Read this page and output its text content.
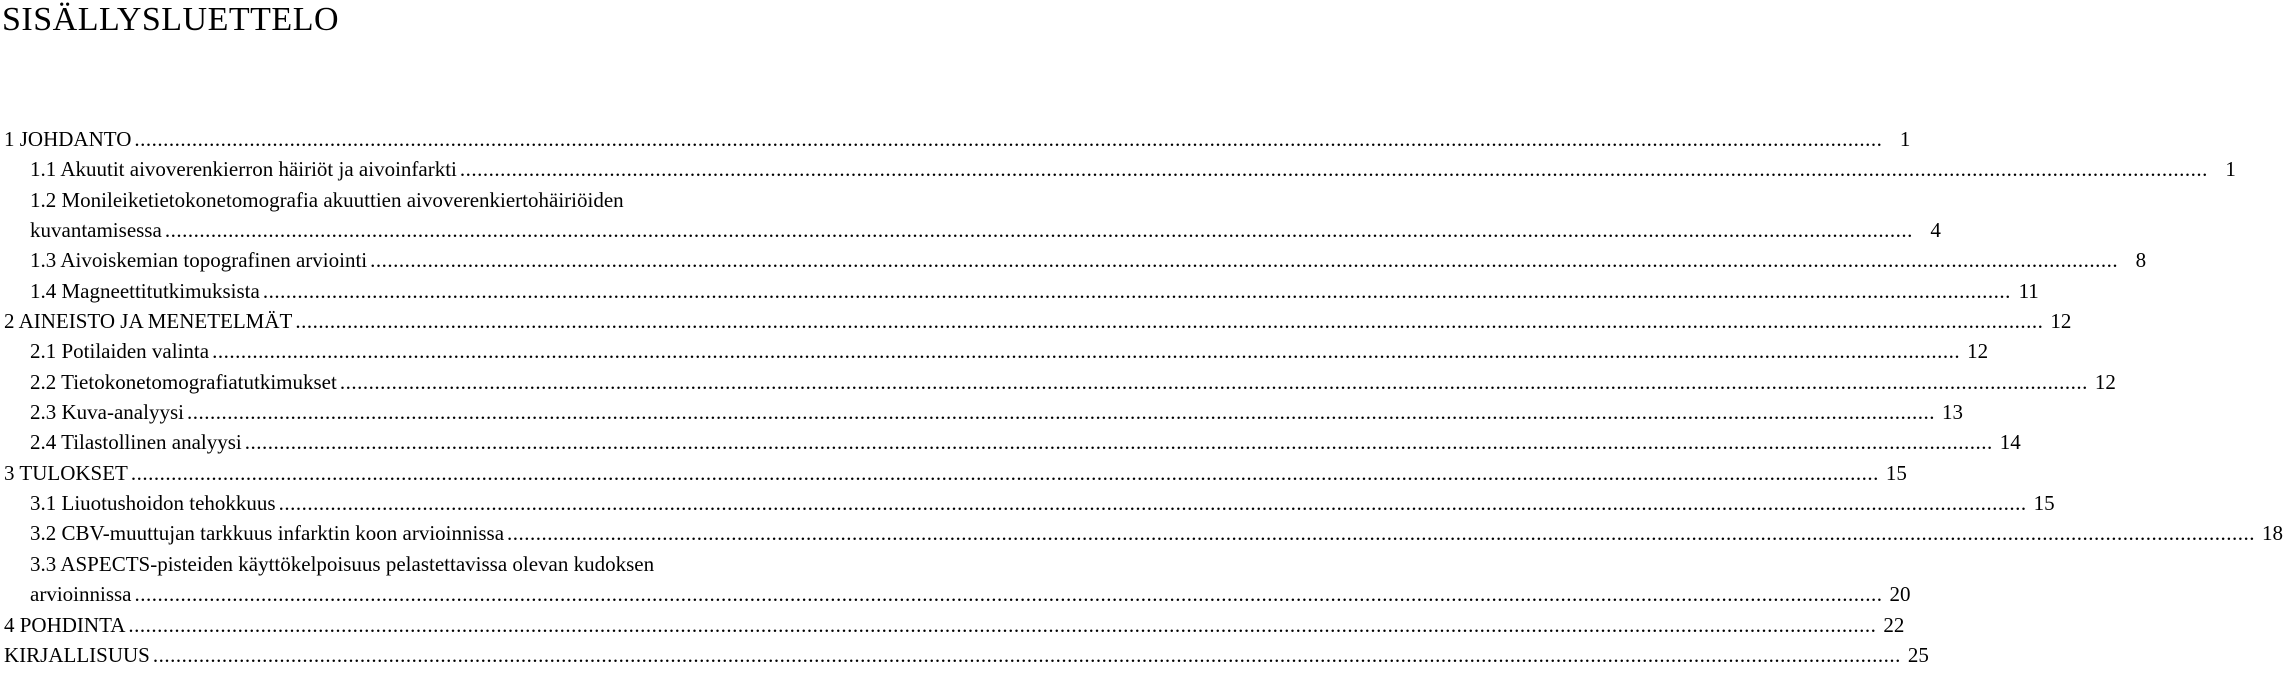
SISÄLLYSLUETTELO
1 JOHDANTO .....	1
1.1 Akuutit aivoverenkierron häiriöt ja aivoinfarkti .....	1
1.2 Monileiketietokonetomografia akuuttien aivoverenkiertohäiriöiden
kuvantamisessa .....	4
1.3 Aivoiskemian topografinen arviointi .....	8
1.4 Magneettitutkimuksista .....	11
2 AINEISTO JA MENETELMÄT .....	12
2.1 Potilaiden valinta .....	12
2.2 Tietokonetomografiatutkimukset .....	12
2.3 Kuva-analyysi .....	13
2.4 Tilastollinen analyysi .....	14
3 TULOKSET .....	15
3.1 Liuotushoidon tehokkuus .....	15
3.2 CBV-muuttujan tarkkuus infarktin koon arvioinnissa .....	18
3.3 ASPECTS-pisteiden käyttökelpoisuus pelastettavissa olevan kudoksen
arvioinnissa .....	20
4 POHDINTA .....	22
KIRJALLISUUS .....	25
